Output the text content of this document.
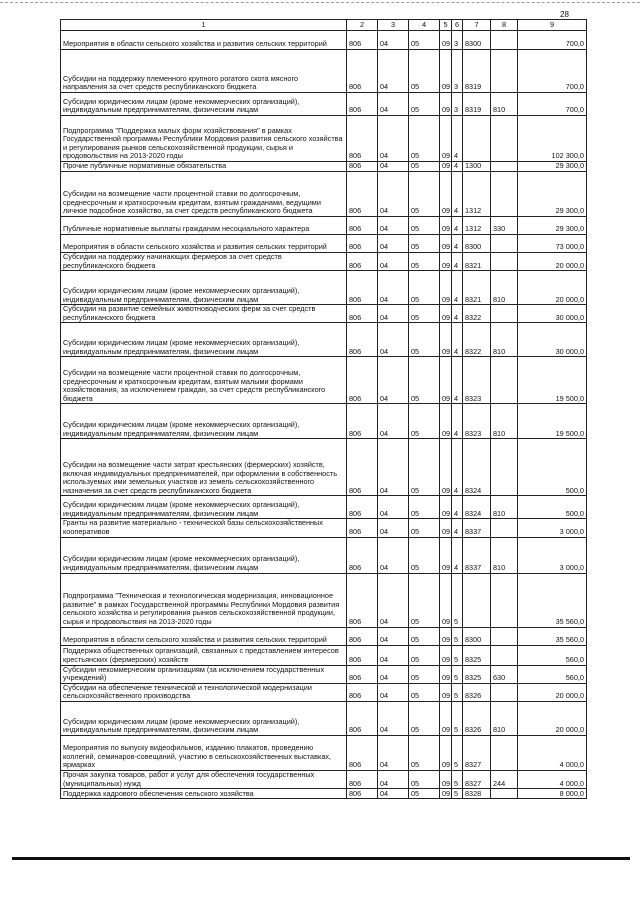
28
1	2	3	4	5	6	7	8	9
Мероприятия в области сельского хозяйства и развития сельских территорий	806	04	05	09	3	8300		700,0
Субсидии на поддержку племенного крупного рогатого скота мясного направления за счет средств республиканского бюджета	806	04	05	09	3	8319		700,0
Субсидии юридическим лицам (кроме некоммерческих организаций), индивидуальным предпринимателям, физическим лицам	806	04	05	09	3	8319	810	700,0
Подпрограмма "Поддержка малых форм хозяйствования" в рамках Государственной программы Республики Мордовия развития сельского хозяйства и регулирования рынков сельскохозяйственной продукции, сырья и продовольствия на 2013-2020 годы	806	04	05	09	4			102 300,0
Прочие публичные нормативные обязательства	806	04	05	09	4	1300		29 300,0
Субсидии на возмещение части процентной ставки по долгосрочным, среднесрочным и краткосрочным кредитам, взятым гражданами, ведущими личное подсобное хозяйство, за счет средств республиканского бюджета	806	04	05	09	4	1312		29 300,0
Публичные нормативные выплаты гражданам несоциального характера	806	04	05	09	4	1312	330	29 300,0
Мероприятия в области сельского хозяйства и развития сельских территорий	806	04	05	09	4	8300		73 000,0
Субсидии на поддержку начинающих фермеров за счет средств республиканского бюджета	806	04	05	09	4	8321		20 000,0
Субсидии юридическим лицам (кроме некоммерческих организаций), индивидуальным предпринимателям, физическим лицам	806	04	05	09	4	8321	810	20 000,0
Субсидии на развитие семейных животноводческих ферм за счет средств республиканского бюджета	806	04	05	09	4	8322		30 000,0
Субсидии юридическим лицам (кроме некоммерческих организаций), индивидуальным предпринимателям, физическим лицам	806	04	05	09	4	8322	810	30 000,0
Субсидии на возмещение части процентной ставки по долгосрочным, среднесрочным и краткосрочным кредитам, взятым малыми формами хозяйствования, за исключением граждан, за счет средств республиканского бюджета	806	04	05	09	4	8323		19 500,0
Субсидии юридическим лицам (кроме некоммерческих организаций), индивидуальным предпринимателям, физическим лицам	806	04	05	09	4	8323	810	19 500,0
Субсидии на возмещение части затрат крестьянских (фермерских) хозяйств, включая индивидуальных предпринимателей, при оформлении в собственность используемых ими земельных участков из земель сельскохозяйственного назначения за счет средств республиканского бюджета	806	04	05	09	4	8324		500,0
Субсидии юридическим лицам (кроме некоммерческих организаций), индивидуальным предпринимателям, физическим лицам	806	04	05	09	4	8324	810	500,0
Гранты на развитие материально - технической базы сельскохозяйственных кооперативов	806	04	05	09	4	8337		3 000,0
Субсидии юридическим лицам (кроме некоммерческих организаций), индивидуальным предпринимателям, физическим лицам	806	04	05	09	4	8337	810	3 000,0
Подпрограмма "Техническая и технологическая модернизация, инновационное развитие" в рамках Государственной программы Республики Мордовия развития сельского хозяйства и регулирования рынков сельскохозяйственной продукции, сырья и продовольствия на 2013-2020 годы	806	04	05	09	5			35 560,0
Мероприятия в области сельского хозяйства и развития сельских территорий	806	04	05	09	5	8300		35 560,0
Поддержка общественных организаций, связанных с представлением интересов крестьянских (фермерских) хозяйств	806	04	05	09	5	8325		560,0
Субсидии некоммерческим организациям (за исключением государственных учреждений)	806	04	05	09	5	8325	630	560,0
Субсидии на обеспечение технической и технологической модернизации сельскохозяйственного производства	806	04	05	09	5	8326		20 000,0
Субсидии юридическим лицам (кроме некоммерческих организаций), индивидуальным предпринимателям, физическим лицам	806	04	05	09	5	8326	810	20 000,0
Мероприятия по выпуску видеофильмов, изданию плакатов, проведению коллегий, семинаров-совещаний, участию в сельскохозяйственных выставках, ярмарках	806	04	05	09	5	8327		4 000,0
Прочая закупка товаров, работ и услуг для обеспечения государственных (муниципальных) нужд	806	04	05	09	5	8327	244	4 000,0
Поддержка кадрового обеспечения сельского хозяйства	806	04	05	09	5	8328		8 000,0
